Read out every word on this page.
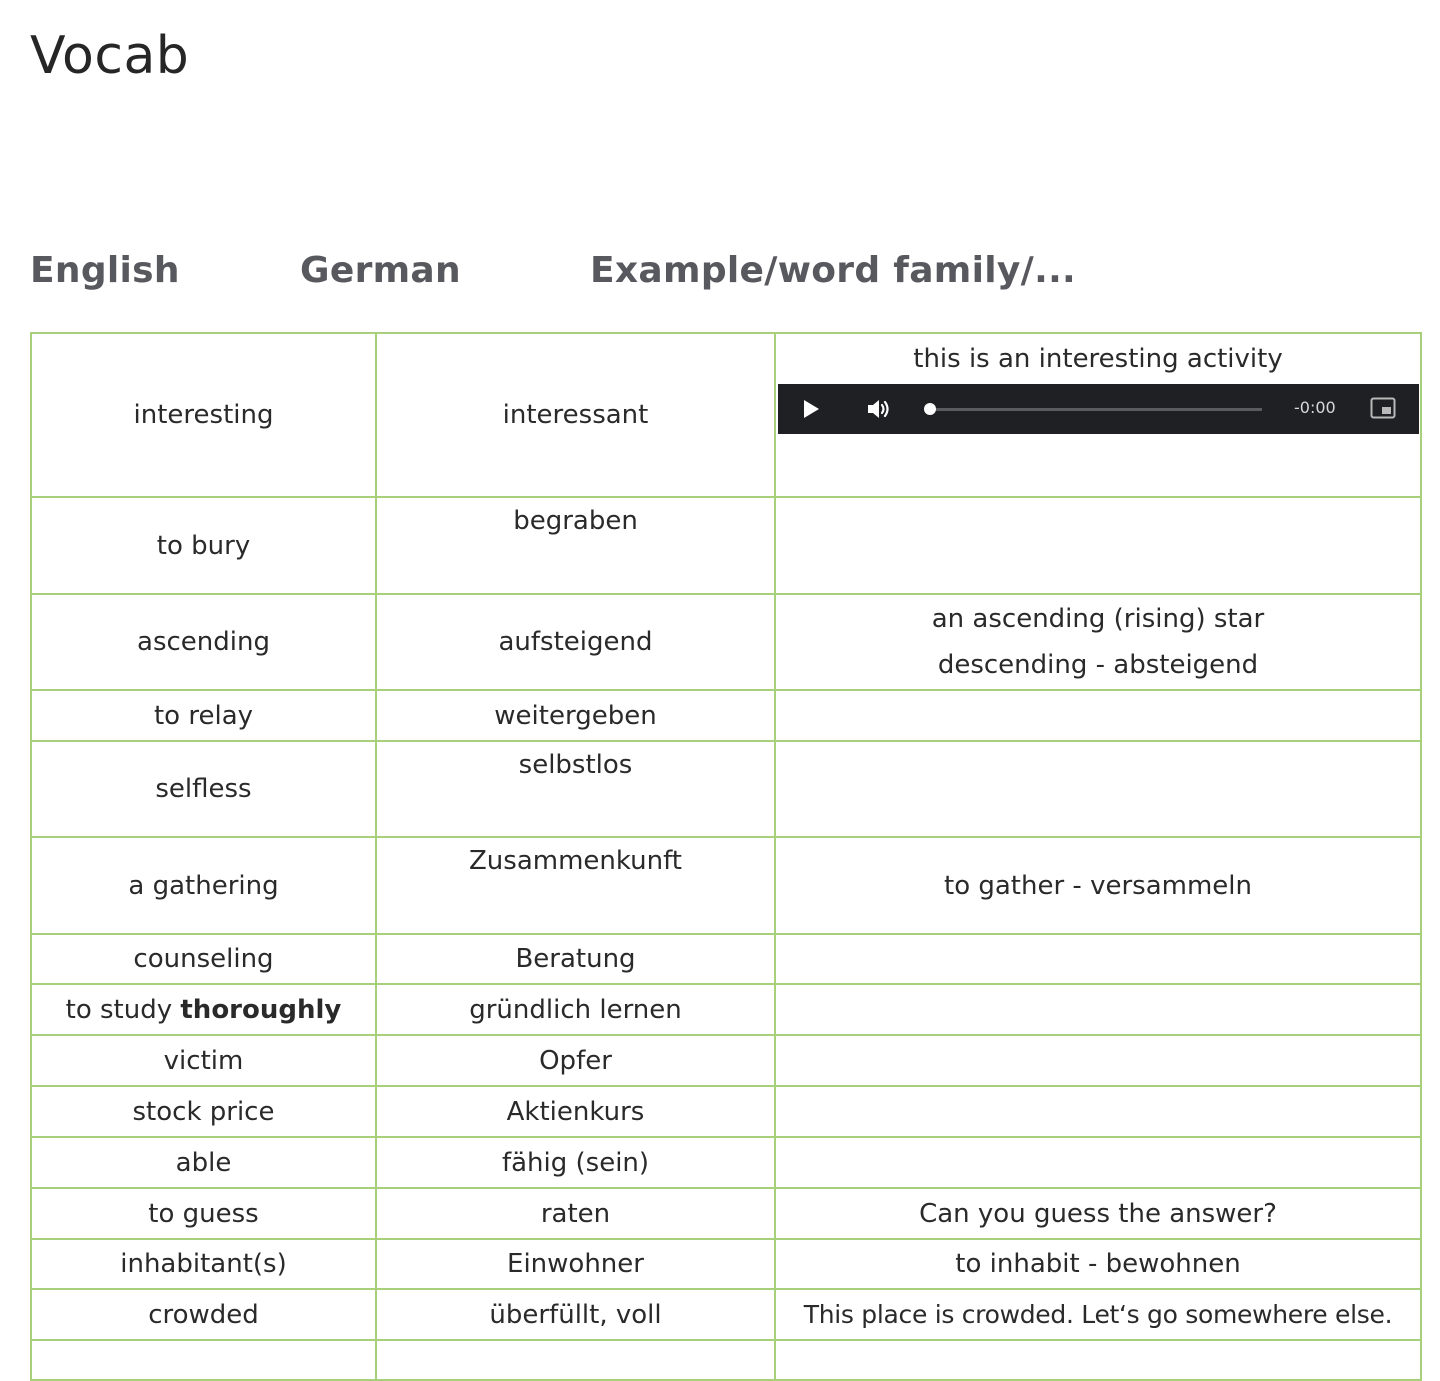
Vocab
English	German	Example/word family/...
interesting	interessant	this is an interesting activity
-0:00

to bury	begraben	
ascending	aufsteigend	an ascending (rising) star
descending - absteigend

to relay	weitergeben	
selfless	selbstlos	
a gathering	Zusammenkunft	to gather - versammeln
counseling	Beratung	
to study thoroughly	gründlich lernen	
victim	Opfer	
stock price	Aktienkurs	
able	fähig (sein)	
to guess	raten	Can you guess the answer?
inhabitant(s)	Einwohner	to inhabit - bewohnen
crowded	überfüllt, voll	This place is crowded. Let‘s go somewhere else.
